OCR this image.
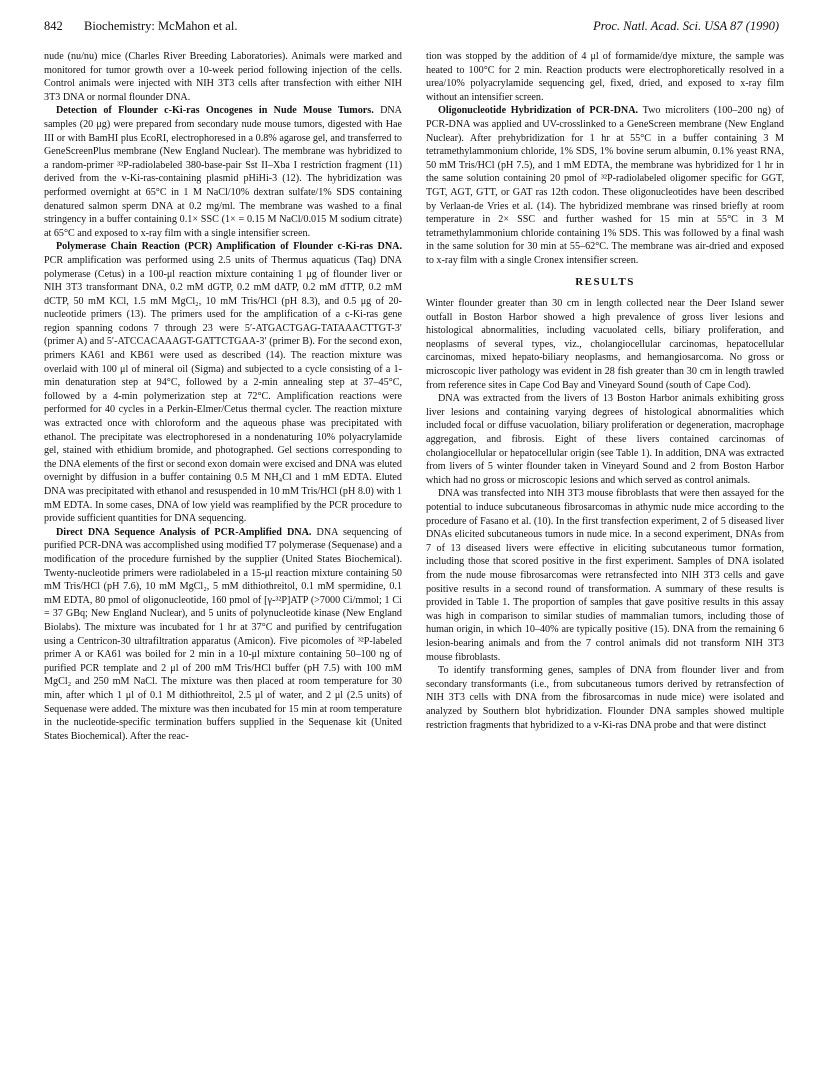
842 Biochemistry: McMahon et al.	Proc. Natl. Acad. Sci. USA 87 (1990)

nude (nu/nu) mice (Charles River Breeding Laboratories). Animals were marked and monitored for tumor growth over a 10-week period following injection of the cells. Control animals were injected with NIH 3T3 cells after transfection with either NIH 3T3 DNA or normal flounder DNA.

Detection of Flounder c-Ki-ras Oncogenes in Nude Mouse Tumors. DNA samples (20 μg) were prepared from secondary nude mouse tumors, digested with Hae III or with BamHI plus EcoRI, electrophoresed in a 0.8% agarose gel, and transferred to GeneScreenPlus membrane (New England Nuclear). The membrane was hybridized to a random-primer ³²P-radiolabeled 380-base-pair Sst II–Xba I restriction fragment (11) derived from the v-Ki-ras-containing plasmid pHiHi-3 (12). The hybridization was performed overnight at 65°C in 1 M NaCl/10% dextran sulfate/1% SDS containing denatured salmon sperm DNA at 0.2 mg/ml. The membrane was washed to a final stringency in a buffer containing 0.1× SSC (1× = 0.15 M NaCl/0.015 M sodium citrate) at 65°C and exposed to x-ray film with a single intensifier screen.

Polymerase Chain Reaction (PCR) Amplification of Flounder c-Ki-ras DNA. PCR amplification was performed using 2.5 units of Thermus aquaticus (Taq) DNA polymerase (Cetus) in a 100-μl reaction mixture containing 1 μg of flounder liver or NIH 3T3 transformant DNA, 0.2 mM dGTP, 0.2 mM dATP, 0.2 mM dTTP, 0.2 mM dCTP, 50 mM KCl, 1.5 mM MgCl₂, 10 mM Tris/HCl (pH 8.3), and 0.5 μg of 20-nucleotide primers (13). The primers used for the amplification of a c-Ki-ras gene region spanning codons 7 through 23 were 5′-ATGACTGAG-TATAAACTTGT-3′ (primer A) and 5′-ATCCACAAAGT-GATTCTGAA-3′ (primer B). For the second exon, primers KA61 and KB61 were used as described (14). The reaction mixture was overlaid with 100 μl of mineral oil (Sigma) and subjected to a cycle consisting of a 1-min denaturation step at 94°C, followed by a 2-min annealing step at 37–45°C, followed by a 4-min polymerization step at 72°C. Amplification reactions were performed for 40 cycles in a Perkin-Elmer/Cetus thermal cycler. The reaction mixture was extracted once with chloroform and the aqueous phase was precipitated with ethanol. The precipitate was electrophoresed in a nondenaturing 10% polyacrylamide gel, stained with ethidium bromide, and photographed. Gel sections corresponding to the DNA elements of the first or second exon domain were excised and DNA was eluted overnight by diffusion in a buffer containing 0.5 M NH₄Cl and 1 mM EDTA. Eluted DNA was precipitated with ethanol and resuspended in 10 mM Tris/HCl (pH 8.0) with 1 mM EDTA. In some cases, DNA of low yield was reamplified by the PCR procedure to provide sufficient quantities for DNA sequencing.

Direct DNA Sequence Analysis of PCR-Amplified DNA. DNA sequencing of purified PCR-DNA was accomplished using modified T7 polymerase (Sequenase) and a modification of the procedure furnished by the supplier (United States Biochemical). Twenty-nucleotide primers were radiolabeled in a 15-μl reaction mixture containing 50 mM Tris/HCl (pH 7.6), 10 mM MgCl₂, 5 mM dithiothreitol, 0.1 mM spermidine, 0.1 mM EDTA, 80 pmol of oligonucleotide, 160 pmol of [γ-³²P]ATP (>7000 Ci/mmol; 1 Ci = 37 GBq; New England Nuclear), and 5 units of polynucleotide kinase (New England Biolabs). The mixture was incubated for 1 hr at 37°C and purified by centrifugation using a Centricon-30 ultrafiltration apparatus (Amicon). Five picomoles of ³²P-labeled primer A or KA61 was boiled for 2 min in a 10-μl mixture containing 50–100 ng of purified PCR template and 2 μl of 200 mM Tris/HCl buffer (pH 7.5) with 100 mM MgCl₂ and 250 mM NaCl. The mixture was then placed at room temperature for 30 min, after which 1 μl of 0.1 M dithiothreitol, 2.5 μl of water, and 2 μl (2.5 units) of Sequenase were added. The mixture was then incubated for 15 min at room temperature in the nucleotide-specific termination buffers supplied in the Sequenase kit (United States Biochemical). After the reac-

tion was stopped by the addition of 4 μl of formamide/dye mixture, the sample was heated to 100°C for 2 min. Reaction products were electrophoretically resolved in a urea/10% polyacrylamide sequencing gel, fixed, dried, and exposed to x-ray film without an intensifier screen.

Oligonucleotide Hybridization of PCR-DNA. Two microliters (100–200 ng) of PCR-DNA was applied and UV-crosslinked to a GeneScreen membrane (New England Nuclear). After prehybridization for 1 hr at 55°C in a buffer containing 3 M tetramethylammonium chloride, 1% SDS, 1% bovine serum albumin, 0.1% yeast RNA, 50 mM Tris/HCl (pH 7.5), and 1 mM EDTA, the membrane was hybridized for 1 hr in the same solution containing 20 pmol of ³²P-radiolabeled oligomer specific for GGT, TGT, AGT, GTT, or GAT ras 12th codon. These oligonucleotides have been described by Verlaan-de Vries et al. (14). The hybridized membrane was rinsed briefly at room temperature in 2× SSC and further washed for 15 min at 55°C in 3 M tetramethylammonium chloride containing 1% SDS. This was followed by a final wash in the same solution for 30 min at 55–62°C. The membrane was air-dried and exposed to x-ray film with a single Cronex intensifier screen.

RESULTS

Winter flounder greater than 30 cm in length collected near the Deer Island sewer outfall in Boston Harbor showed a high prevalence of gross liver lesions and histological abnormalities, including vacuolated cells, biliary proliferation, and neoplasms of several types, viz., cholangiocellular carcinomas, hepatocellular carcinomas, mixed hepato-biliary neoplasms, and hemangiosarcoma. No gross or microscopic liver pathology was evident in 28 fish greater than 30 cm in length trawled from reference sites in Cape Cod Bay and Vineyard Sound (south of Cape Cod).

DNA was extracted from the livers of 13 Boston Harbor animals exhibiting gross liver lesions and containing varying degrees of histological abnormalities which included focal or diffuse vacuolation, biliary proliferation or degeneration, macrophage aggregation, and fibrosis. Eight of these livers contained carcinomas of cholangiocellular or hepatocellular origin (see Table 1). In addition, DNA was extracted from livers of 5 winter flounder taken in Vineyard Sound and 2 from Boston Harbor which had no gross or microscopic lesions and which served as control animals.

DNA was transfected into NIH 3T3 mouse fibroblasts that were then assayed for the potential to induce subcutaneous fibrosarcomas in athymic nude mice according to the procedure of Fasano et al. (10). In the first transfection experiment, 2 of 5 diseased liver DNAs elicited subcutaneous tumors in nude mice. In a second experiment, DNAs from 7 of 13 diseased livers were effective in eliciting subcutaneous tumor formation, including those that scored positive in the first experiment. Samples of DNA isolated from the nude mouse fibrosarcomas were retransfected into NIH 3T3 cells and gave positive results in a second round of transformation. A summary of these results is provided in Table 1. The proportion of samples that gave positive results in this assay was high in comparison to similar studies of mammalian tumors, including those of human origin, in which 10–40% are typically positive (15). DNA from the remaining 6 lesion-bearing animals and from the 7 control animals did not transform NIH 3T3 mouse fibroblasts.

To identify transforming genes, samples of DNA from flounder liver and from secondary transformants (i.e., from subcutaneous tumors derived by retransfection of NIH 3T3 cells with DNA from the fibrosarcomas in nude mice) were isolated and analyzed by Southern blot hybridization. Flounder DNA samples showed multiple restriction fragments that hybridized to a v-Ki-ras DNA probe and that were distinct
